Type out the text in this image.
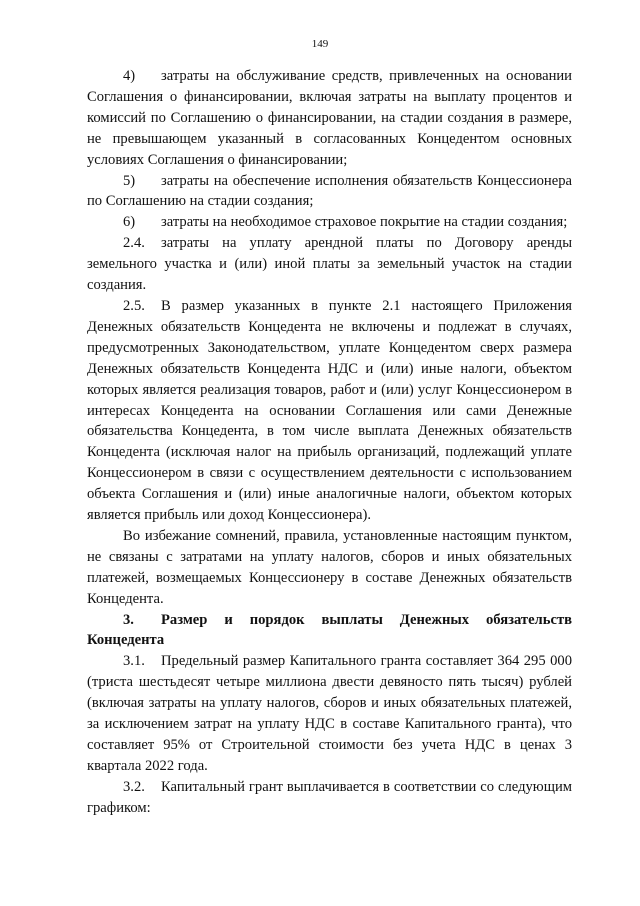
149

4) затраты на обслуживание средств, привлеченных на основании Соглашения о финансировании, включая затраты на выплату процентов и комиссий по Соглашению о финансировании, на стадии создания в размере, не превышающем указанный в согласованных Концедентом основных условиях Соглашения о финансировании;

5) затраты на обеспечение исполнения обязательств Концессионера по Соглашению на стадии создания;

6) затраты на необходимое страховое покрытие на стадии создания;

2.4. затраты на уплату арендной платы по Договору аренды земельного участка и (или) иной платы за земельный участок на стадии создания.

2.5. В размер указанных в пункте 2.1 настоящего Приложения Денежных обязательств Концедента не включены и подлежат в случаях, предусмотренных Законодательством, уплате Концедентом сверх размера Денежных обязательств Концедента НДС и (или) иные налоги, объектом которых является реализация товаров, работ и (или) услуг Концессионером в интересах Концедента на основании Соглашения или сами Денежные обязательства Концедента, в том числе выплата Денежных обязательств Концедента (исключая налог на прибыль организаций, подлежащий уплате Концессионером в связи с осуществлением деятельности с использованием объекта Соглашения и (или) иные аналогичные налоги, объектом которых является прибыль или доход Концессионера).

Во избежание сомнений, правила, установленные настоящим пунктом, не связаны с затратами на уплату налогов, сборов и иных обязательных платежей, возмещаемых Концессионеру в составе Денежных обязательств Концедента.

3. Размер и порядок выплаты Денежных обязательств Концедента

3.1. Предельный размер Капитального гранта составляет 364 295 000 (триста шестьдесят четыре миллиона двести девяносто пять тысяч) рублей (включая затраты на уплату налогов, сборов и иных обязательных платежей, за исключением затрат на уплату НДС в составе Капитального гранта), что составляет 95% от Строительной стоимости без учета НДС в ценах 3 квартала 2022 года.

3.2. Капитальный грант выплачивается в соответствии со следующим графиком:
